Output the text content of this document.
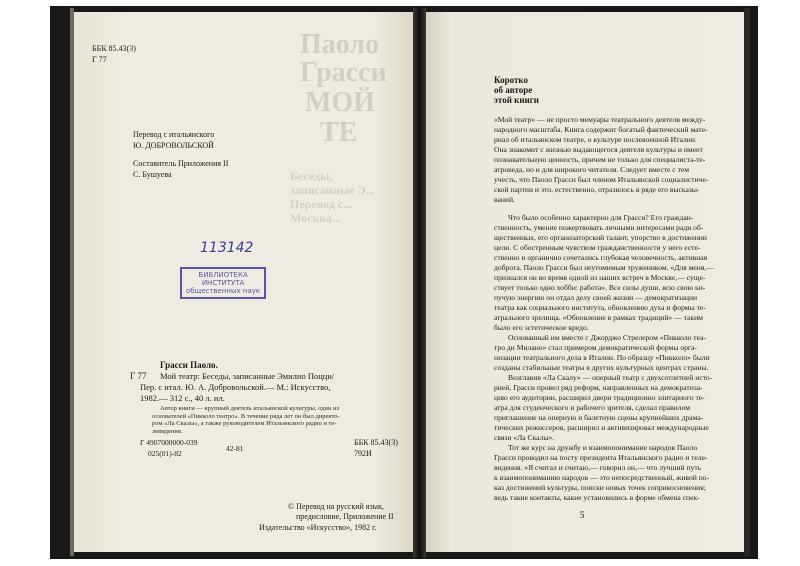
ББК 85.43(3)
Г 77	Паоло
Грасси
МОЙ
ТЕ
Беседы,
записанные Э...
Перевод с...
Москва...
Перевод с итальянского
Ю. ДОБРОВОЛЬСКОЙ
Составитель Приложения II
С. Бушуева
113142
БИБЛИОТЕКА
ИНСТИТУТА
общественных наук
Грасси Паоло.
Г 77 Мой театр: Беседы, записанные Эмилио Поцци/
Пер. с итал. Ю. А. Добровольской.— М.: Искусство,
1982.— 312 с., 40 л. ил.
Автор книги — крупный деятель итальянской культуры, один из
основателей «Пикколо театро». В течение ряда лет он был директо-
ром «Ла Скалы», а также руководителем Итальянского радио и те-
левидения.
Г 4907000000-039
025(01)-82
42-81
ББК 85.43(3)
792И
© Перевод на русский язык,
предисловие, Приложение II
Издательство «Искусство», 1982 г.
Коротко
об авторе
этой книги
«Мой театр» — не просто мемуары театрального деятеля между-
народного масштаба. Книга содержит богатый фактический мате-
риал об итальянском театре, о культуре послевоенной Италии.
Она знакомит с жизнью выдающегося деятеля культуры и имеет
познавательную ценность, причем не только для специалиста-те-
атроведа, но и для широкого читателя. Следует вместе с тем
учесть, что Паоло Грасси был членом Итальянской социалистиче-
ской партии и это, естественно, отразилось в ряде его высказы-
ваний.
Что было особенно характерно для Грасси? Его граждан-
ственность, умение пожертвовать личными интересами ради об-
щественных, его организаторский талант, упорство в достижении
цели. С обостренным чувством гражданственности у него есте-
ственно и органично сочетались глубокая человечность, активная
доброта. Паоло Грасси был неутомимым тружеником. «Для меня,—
признался он во время одной из наших встреч в Москве,— суще-
ствует только одно хобби: работа». Все силы души, всю свою ки-
пучую энергию он отдал делу своей жизни — демократизации
театра как социального института, обновлению духа и формы те-
атрального зрелища. «Обновление в рамках традиций» — таким
было его эстетическое кредо.
Основанный им вместе с Джорджо Стрелером «Пикколо теа-
тро ди Милано» стал примером демократической формы орга-
низации театрального дела в Италии. По образцу «Пикколо» были
созданы стабильные театры в других культурных центрах страны.
Возглавив «Ла Скалу» — оперный театр с двухсотлетней исто-
рией, Грасси провел ряд реформ, направленных на демократиза-
цию его аудитории, расширил двери традиционно элитарного те-
атра для студенческого и рабочего зрителя, сделал правилом
приглашение на оперную и балетную сцены крупнейших драма-
тических режиссеров, расширил и активизировал международные
связи «Ла Скалы».
Тот же курс на дружбу и взаимопонимание народов Паоло
Грасси проводил на посту президента Итальянского радио и теле-
видения. «Я считал и считаю,— говорил он,— что лучший путь
к взаимопониманию народов — это непосредственный, живой по-
каз достижений культуры, поиски новых точек соприкосновения;
ведь такие контакты, какие установились в форме обмена спек-
5
